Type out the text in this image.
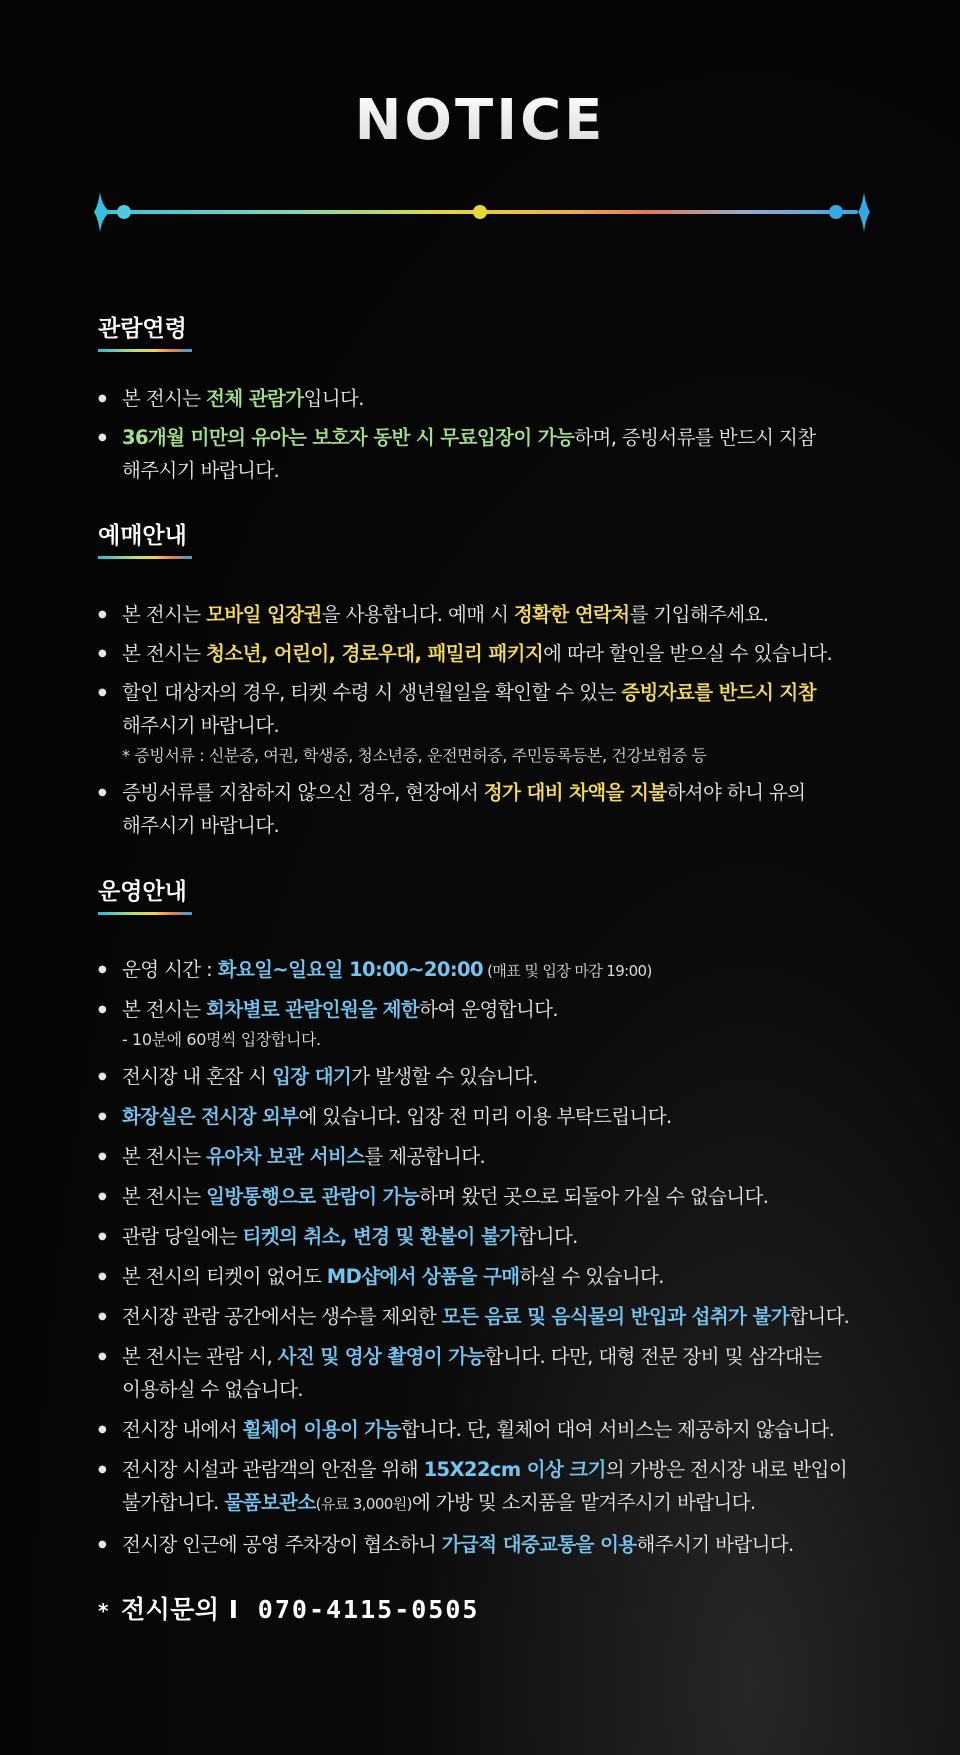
NOTICE
관람연령
● 본 전시는 전체 관람가입니다.
● 36개월 미만의 유아는 보호자 동반 시 무료입장이 가능하며, 증빙서류를 반드시 지참
해주시기 바랍니다.
예매안내
● 본 전시는 모바일 입장권을 사용합니다. 예매 시 정확한 연락처를 기입해주세요.
● 본 전시는 청소년, 어린이, 경로우대, 패밀리 패키지에 따라 할인을 받으실 수 있습니다.
● 할인 대상자의 경우, 티켓 수령 시 생년월일을 확인할 수 있는 증빙자료를 반드시 지참
해주시기 바랍니다.
* 증빙서류 : 신분증, 여권, 학생증, 청소년증, 운전면허증, 주민등록등본, 건강보험증 등
● 증빙서류를 지참하지 않으신 경우, 현장에서 정가 대비 차액을 지불하셔야 하니 유의
해주시기 바랍니다.
운영안내
● 운영 시간 : 화요일~일요일 10:00~20:00 (매표 및 입장 마감 19:00)
● 본 전시는 회차별로 관람인원을 제한하여 운영합니다.
- 10분에 60명씩 입장합니다.
● 전시장 내 혼잡 시 입장 대기가 발생할 수 있습니다.
● 화장실은 전시장 외부에 있습니다. 입장 전 미리 이용 부탁드립니다.
● 본 전시는 유아차 보관 서비스를 제공합니다.
● 본 전시는 일방통행으로 관람이 가능하며 왔던 곳으로 되돌아 가실 수 없습니다.
● 관람 당일에는 티켓의 취소, 변경 및 환불이 불가합니다.
● 본 전시의 티켓이 없어도 MD샵에서 상품을 구매하실 수 있습니다.
● 전시장 관람 공간에서는 생수를 제외한 모든 음료 및 음식물의 반입과 섭취가 불가합니다.
● 본 전시는 관람 시, 사진 및 영상 촬영이 가능합니다. 다만, 대형 전문 장비 및 삼각대는
이용하실 수 없습니다.
● 전시장 내에서 휠체어 이용이 가능합니다. 단, 휠체어 대여 서비스는 제공하지 않습니다.
● 전시장 시설과 관람객의 안전을 위해 15X22cm 이상 크기의 가방은 전시장 내로 반입이
불가합니다. 물품보관소(유료 3,000원)에 가방 및 소지품을 맡겨주시기 바랍니다.
● 전시장 인근에 공영 주차장이 협소하니 가급적 대중교통을 이용해주시기 바랍니다.
* 전시문의 I 070-4115-0505
